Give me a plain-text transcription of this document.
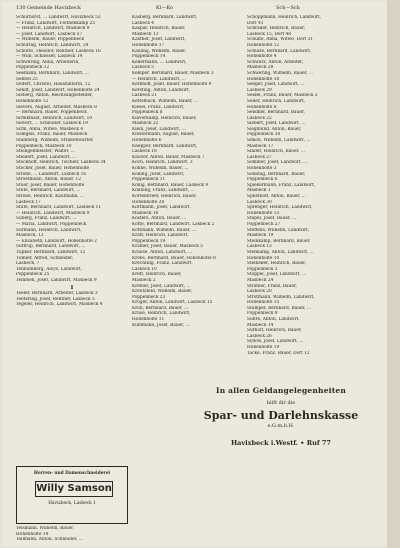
130 Gemeinde Havixbeck	Kl—Ko	Sch—Sch
Schürhorst, ... Landwirt, Havixbeck 53
— Franz, Landwirt, Flothenkamp 25
— Heinrich, Landwirt, Masbeck 9
— Josef, Landwirt, Lasbeck 57
— Wilhelm, Bauer, Poppenbeck
Schüring, Heinrich, Landwirt, 24
Schütte, Theodor, Rentner, Lasbeck 16
— Willi, Schlosser, Lasbeck 14
Schwering, Anna, Arbeiterin,
Poppenbeck 12
Seemann, Bernhard, Landwirt, ...
Sebbel 25
Seifert, Christel, Haushälterin, 12
Sendt, Josef, Landwirt, Hohenholte 24
Sieberg, Anton, Reichsangestellter,
Hohenholte 12
Sievers, August, Arbeiter, Masbeck 8
— Bernhard, Bauer, Poppenbeck
Sirmkinsat, Heinrich, Landwirt, 10
Sievert, ... Schlosser, Lasbeck 19
Sirm, Anna, Witwe, Masbeck 4
Somgeis, Franz, Bauer, Masbeck
Stahlberg, Wilhelm, Straßenwärter,
Poppenbeck, Masbeck 10
Steingenmeister, Walter, ...
Steinert, Josef, Landwirt, ...
Stockhoff, Heinrich, Tischler, Lasbeck 34
Stöcker, Josef, Bauer, Hohenholte
Strobe, ... Landwirt, Lasbeck 16
Stroetmann, Anton, Bauer, 12
Stüer, Josef, Bauer, Hohenholte
Stute, Bernhard, Landwirt, ...
Strobe, Heinrich, Kaufmann, ...
Lasbeck 17
Stute, Bernhard, Landwirt, Lasbeck 11
— Heinrich, Landwirt, Masbeck 9
Suberg, Franz, Landwirt, ...
— Maria, Landwirt, Poppenbeck
Surmann, Heinrich, Landwirt,
Masbeck, 12
— Elisabeth, Landwirt, Hohenholte 2
Suttrup, Bernhard, Landwirt, ...
Tüpker, Bernhard, Landwirt, 12
Tümler, Alfred, Schneider,
Lasbeck, 7
Tenhumberg, Aloys, Landwirt,
Poppenbeck 25
Temmen, Josef, Landwirt, Masbeck 9
T
Teeler, Bernhard, Arbeiter, Lasbeck 3
Teetering, Josef, Rentner, Lasbeck 5
Tegeler, Heinrich, Landwirt, Masbeck 4
Kasberg, Bernhard, Landwirt,
Lasbeck 4
Kaspar, Heinrich, Bauer,
Masbeck 13
Kastner, Josef, Landwirt,
Hohenholte 17
Kauling, Wilhelm, Bauer,
Poppenbeck 14
Kellermann, ... Landwirt,
Lasbeck 5
Kemper, Bernhard, Bauer, Masbeck 3
— Heinrich, Landwirt, ...
Kerkhoff, Josef, Bauer, Hohenholte 9
Kersting, Anton, Landwirt,
Lasbeck 21
Kettelhack, Wilhelm, Bauer, ...
Kiesel, Franz, Landwirt,
Poppenbeck 8
Klaverkamp, Heinrich, Bauer,
Masbeck 22
Klein, Josef, Landwirt, ...
Klostermann, August, Bauer,
Hohenholte 6
Knepper, Bernhard, Landwirt,
Lasbeck 18
Knüver, Anton, Bauer, Masbeck 7
Koch, Heinrich, Landwirt, 3
Köhne, Wilhelm, Bauer, ...
Kölling, Josef, Landwirt,
Poppenbeck 11
König, Bernhard, Bauer, Lasbeck 9
Könning, Franz, Landwirt, ...
Kortenbreer, Heinrich, Bauer,
Hohenholte 20
Kortmann, Josef, Landwirt,
Masbeck 16
Kösters, Anton, Bauer, ...
Kotte, Bernhard, Landwirt, Lasbeck 2
Kottmann, Wilhelm, Bauer, ...
Kraft, Heinrich, Landwirt,
Poppenbeck 19
Kramer, Josef, Bauer, Masbeck 5
Krause, Anton, Landwirt, ...
Krebs, Bernhard, Bauer, Hohenholte 8
Krechting, Franz, Landwirt,
Lasbeck 10
Kreft, Heinrich, Bauer,
Masbeck 2
Kremer, Josef, Landwirt, ...
Kreutzfeld, Wilhelm, Bauer,
Poppenbeck 23
Kröger, Anton, Landwirt, Lasbeck 15
Kroll, Bernhard, Bauer, ...
Kruse, Heinrich, Landwirt,
Hohenholte 11
Kuhlmann, Josef, Bauer, ...
Schoppmann, Heinrich, Landwirt,
Dorf 41
Schräder, Heinrich, Bauer,
Lasbeck 15, Dorf 48
Schulte, Anna, Witwe, Dorf 31
Hohenholte 12
Schulze, Bernhard, Landwirt,
Hohenholte 4
Schwarz, Anton, Arbeiter,
Masbeck 28
Schwering, Wilhelm, Bauer, ...
Hohenholte 18
Seeger, Josef, Landwirt, ...
Lasbeck 29
Seidel, Franz, Bauer, Masbeck 3
Seiler, Heinrich, Landwirt,
Hohenholte 8
Sendker, Bernhard, Bauer,
Lasbeck 22
Siebert, Josef, Landwirt, ...
Siegmund, Anton, Bauer,
Poppenbeck 30
Simon, Wilhelm, Landwirt, ...
Masbeck 17
Sinder, Heinrich, Bauer, ...
Lasbeck 27
Sommer, Josef, Landwirt, ...
Hohenholte 3
Sonntag, Bernhard, Bauer,
Poppenbeck 6
Spiekermann, Franz, Landwirt,
Masbeck 1
Spliethoff, Anton, Bauer, ...
Lasbeck 30
Sprenger, Heinrich, Landwirt,
Hohenholte 13
Stapel, Josef, Bauer, ...
Poppenbeck 27
Steffens, Wilhelm, Landwirt,
Masbeck 19
Steinkamp, Bernhard, Bauer,
Lasbeck 13
Stenkamp, Anton, Landwirt, ...
Hohenholte 10
Stieneker, Heinrich, Bauer,
Poppenbeck 3
Stöppel, Josef, Landwirt, ...
Masbeck 24
Strätker, Franz, Bauer,
Lasbeck 20
Strotmann, Wilhelm, Landwirt,
Hohenholte 15
Stümper, Bernhard, Bauer, ...
Poppenbeck 9
Suhre, Anton, Landwirt,
Masbeck 14
Surholt, Heinrich, Bauer,
Lasbeck 26
Sydow, Josef, Landwirt, ...
Hohenholte 19
Tacke, Franz, Bauer, Dorf 12
Herren- und Damenschneiderei
Willy Samson
Havixbeck, Lasbeck 1
Teismann, Wilhelm, Bauer,
Hohenholte 14
Tellmann, Anton, Schneider, ...
In allen Geldangelegenheiten
hilft dir die
Spar- und Darlehnskasse
e.G.m.b.H.
Havixbeck i.Westf. • Ruf 77
